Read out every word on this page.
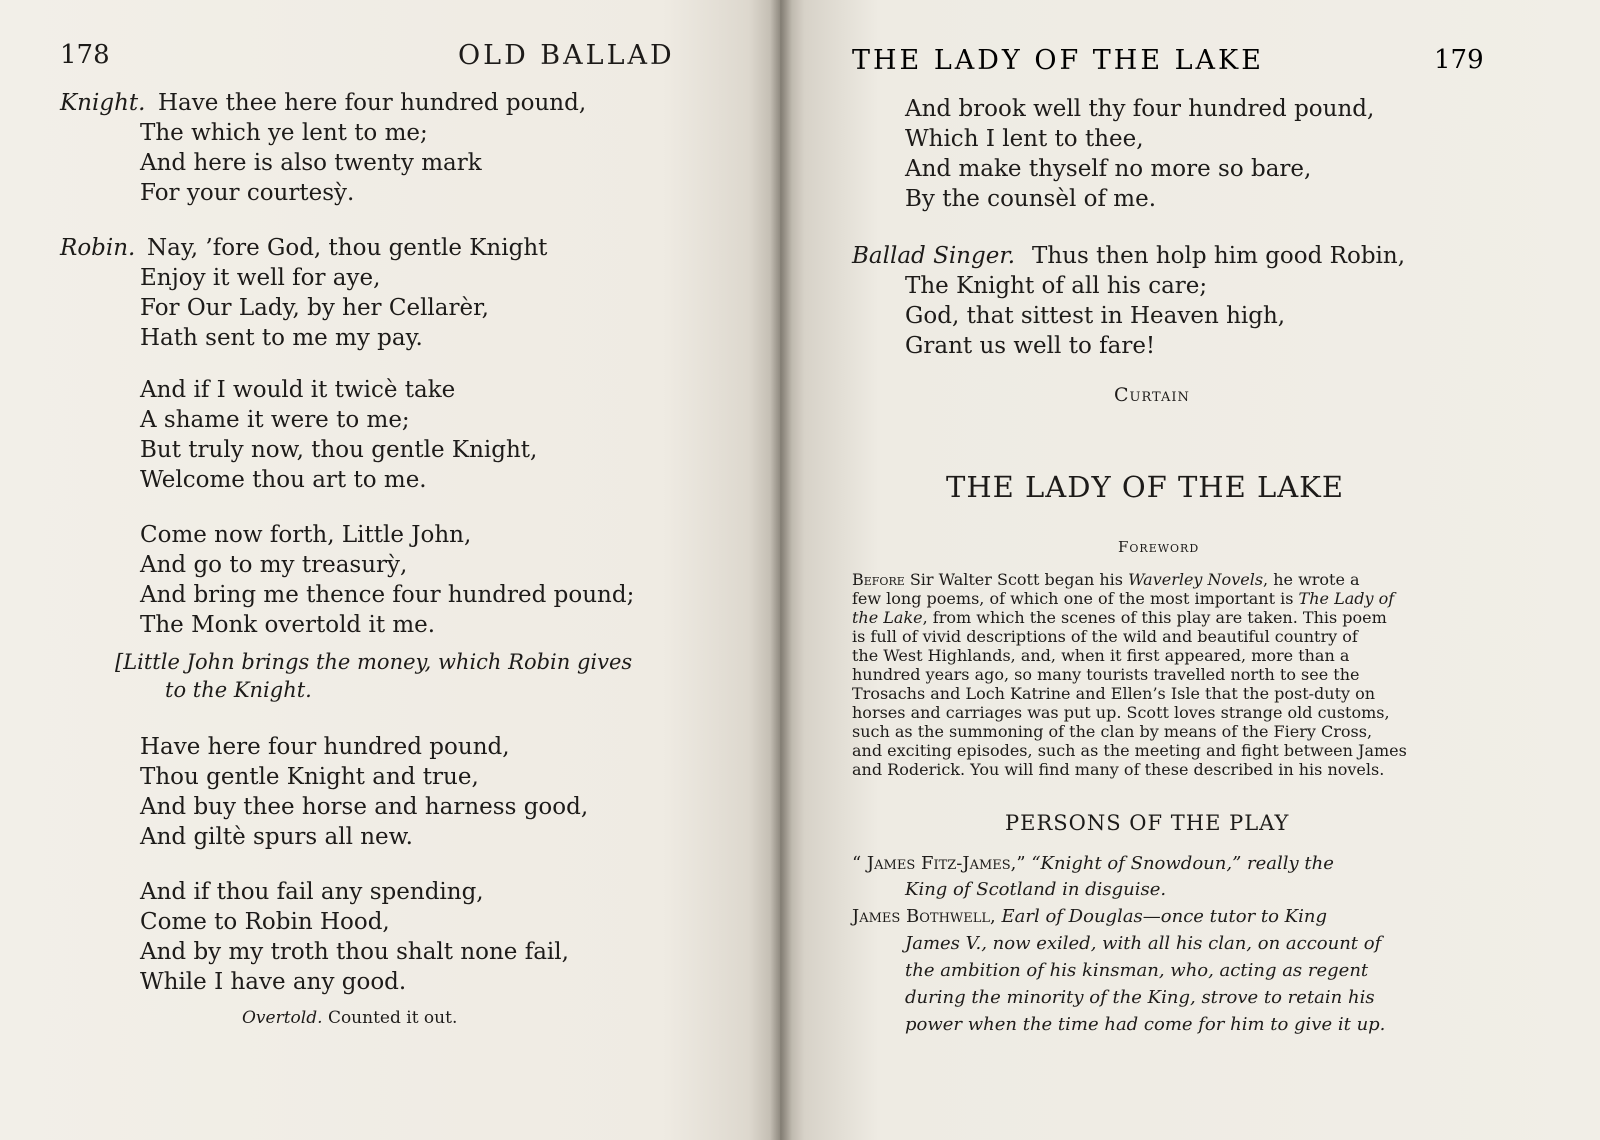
178	OLD BALLAD
Knight. Have thee here four hundred pound,
The which ye lent to me;
And here is also twenty mark
For your courtesỳ.
Robin. Nay, ’fore God, thou gentle Knight
Enjoy it well for aye,
For Our Lady, by her Cellarèr,
Hath sent to me my pay.
And if I would it twicè take
A shame it were to me;
But truly now, thou gentle Knight,
Welcome thou art to me.
Come now forth, Little John,
And go to my treasurỳ,
And bring me thence four hundred pound;
The Monk overtold it me.
[Little John brings the money, which Robin gives
to the Knight.
Have here four hundred pound,
Thou gentle Knight and true,
And buy thee horse and harness good,
And giltè spurs all new.
And if thou fail any spending,
Come to Robin Hood,
And by my troth thou shalt none fail,
While I have any good.
Overtold. Counted it out.
THE LADY OF THE LAKE	179
And brook well thy four hundred pound,
Which I lent to thee,
And make thyself no more so bare,
By the counsèl of me.
Ballad Singer. Thus then holp him good Robin,
The Knight of all his care;
God, that sittest in Heaven high,
Grant us well to fare!
Curtain
THE LADY OF THE LAKE
Foreword
Before Sir Walter Scott began his Waverley Novels, he wrote a
few long poems, of which one of the most important is The Lady of
the Lake, from which the scenes of this play are taken. This poem
is full of vivid descriptions of the wild and beautiful country of
the West Highlands, and, when it first appeared, more than a
hundred years ago, so many tourists travelled north to see the
Trosachs and Loch Katrine and Ellen’s Isle that the post-duty on
horses and carriages was put up. Scott loves strange old customs,
such as the summoning of the clan by means of the Fiery Cross,
and exciting episodes, such as the meeting and fight between James
and Roderick. You will find many of these described in his novels.
PERSONS OF THE PLAY
“ James Fitz-James,” “Knight of Snowdoun,” really the
King of Scotland in disguise.
James Bothwell, Earl of Douglas—once tutor to King
James V., now exiled, with all his clan, on account of
the ambition of his kinsman, who, acting as regent
during the minority of the King, strove to retain his
power when the time had come for him to give it up.
